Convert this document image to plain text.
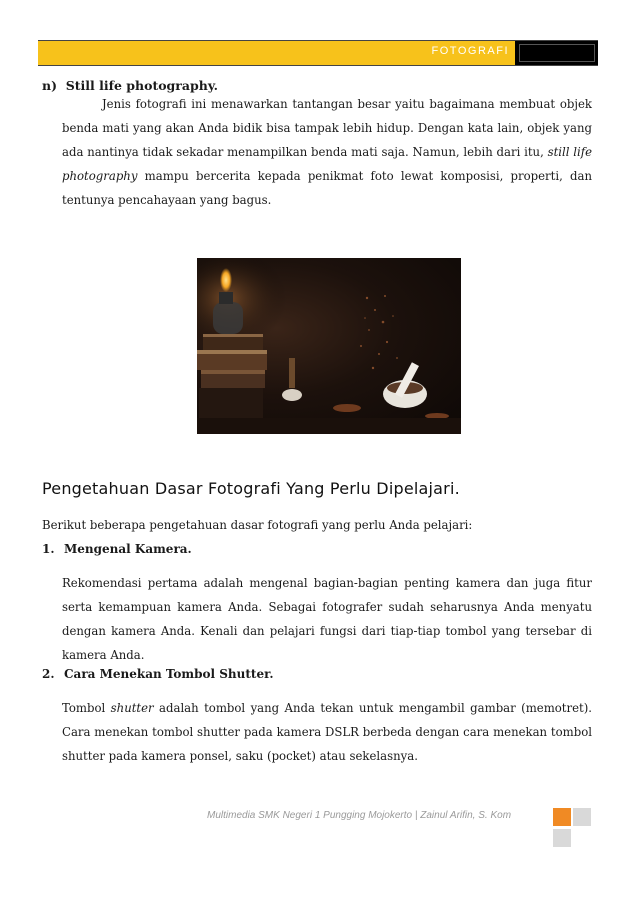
FOTOGRAFI
n)  Still life photography.
Jenis fotografi ini menawarkan tantangan besar yaitu bagaimana membuat objek benda mati yang akan Anda bidik bisa tampak lebih hidup. Dengan kata lain, objek yang ada nantinya tidak sekadar menampilkan benda mati saja. Namun, lebih dari itu, still life photography mampu bercerita kepada penikmat foto lewat komposisi, properti, dan tentunya pencahayaan yang bagus.
Pengetahuan Dasar Fotografi Yang Perlu Dipelajari.
Berikut beberapa pengetahuan dasar fotografi yang perlu Anda pelajari:
1. Mengenal Kamera.
Rekomendasi pertama adalah mengenal bagian-bagian penting kamera dan juga fitur serta kemampuan kamera Anda. Sebagai fotografer sudah seharusnya Anda menyatu dengan kamera Anda. Kenali dan pelajari fungsi dari tiap-tiap tombol yang tersebar di kamera Anda.
2. Cara Menekan Tombol Shutter.
Tombol shutter adalah tombol yang Anda tekan untuk mengambil gambar (memotret). Cara menekan tombol shutter pada kamera DSLR berbeda dengan cara menekan tombol shutter pada kamera ponsel, saku (pocket) atau sekelasnya.
Multimedia SMK Negeri 1 Pungging Mojokerto | Zainul Arifin, S. Kom
